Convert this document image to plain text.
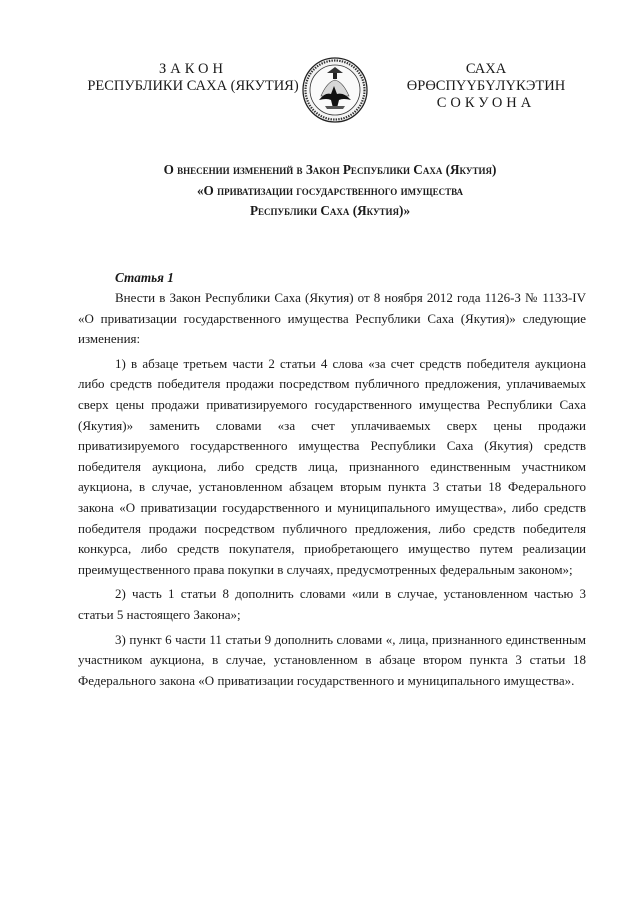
ЗАКОН
РЕСПУБЛИКИ САХА (ЯКУТИЯ)
САХА ӨРӨСПҮҮБҮЛҮКЭТИН
СОКУОНА
О внесении изменений в Закон Республики Саха (Якутия)
«О приватизации государственного имущества
Республики Саха (Якутия)»
Статья 1

Внести в Закон Республики Саха (Якутия) от 8 ноября 2012 года 1126-З № 1133-IV «О приватизации государственного имущества Республики Саха (Якутия)» следующие изменения:

1) в абзаце третьем части 2 статьи 4 слова «за счет средств победителя аукциона либо средств победителя продажи посредством публичного предложения, уплачиваемых сверх цены продажи приватизируемого государственного имущества Республики Саха (Якутия)» заменить словами «за счет уплачиваемых сверх цены продажи приватизируемого государственного имущества Республики Саха (Якутия) средств победителя аукциона, либо средств лица, признанного единственным участником аукциона, в случае, установленном абзацем вторым пункта 3 статьи 18 Федерального закона «О приватизации государственного и муниципального имущества», либо средств победителя продажи посредством публичного предложения, либо средств победителя конкурса, либо средств покупателя, приобретающего имущество путем реализации преимущественного права покупки в случаях, предусмотренных федеральным законом»;

2) часть 1 статьи 8 дополнить словами «или в случае, установленном частью 3 статьи 5 настоящего Закона»;

3) пункт 6 части 11 статьи 9 дополнить словами «, лица, признанного единственным участником аукциона, в случае, установленном в абзаце втором пункта 3 статьи 18 Федерального закона «О приватизации государственного и муниципального имущества».
